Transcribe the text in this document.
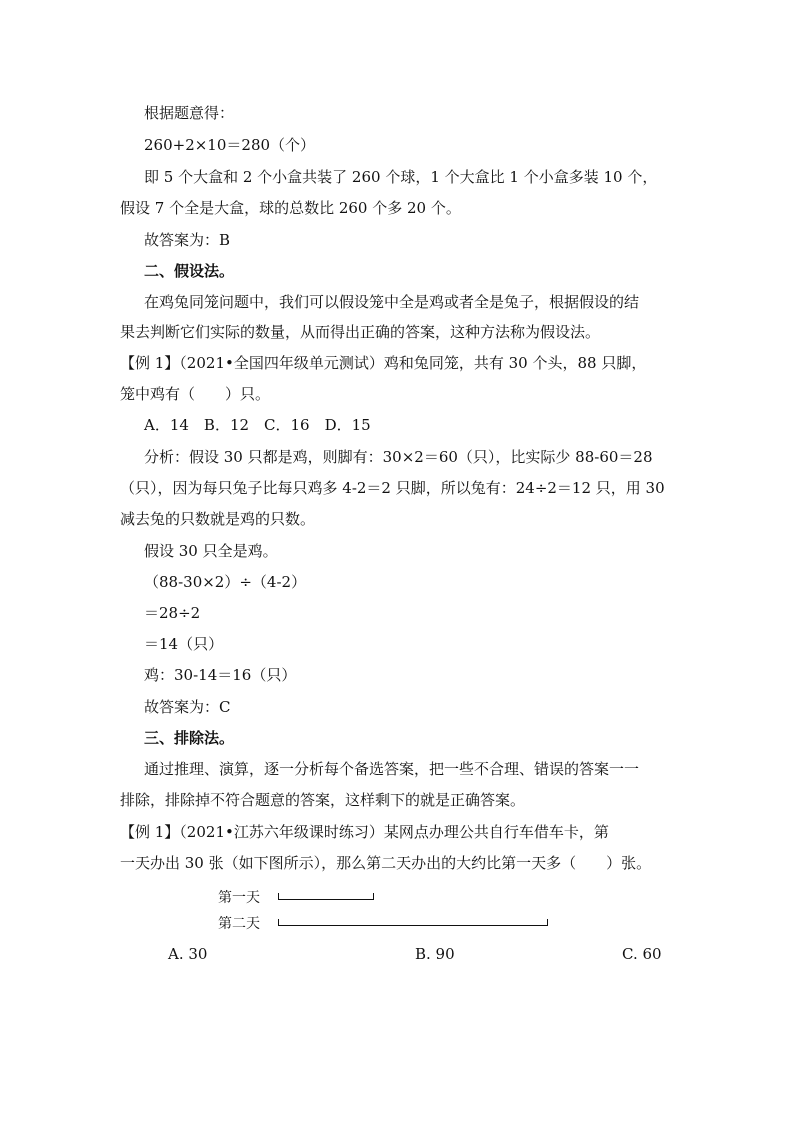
根据题意得：
260+2×10＝280（个）
即 5 个大盒和 2 个小盒共装了 260 个球，1 个大盒比 1 个小盒多装 10 个，
假设 7 个全是大盒，球的总数比 260 个多 20 个。
故答案为：B
二、假设法。
在鸡兔同笼问题中，我们可以假设笼中全是鸡或者全是兔子，根据假设的结
果去判断它们实际的数量，从而得出正确的答案，这种方法称为假设法。
【例 1】（2021•全国四年级单元测试）鸡和兔同笼，共有 30 个头，88 只脚，
笼中鸡有（　　）只。
A．14　B．12　C．16　D．15
分析：假设 30 只都是鸡，则脚有：30×2＝60（只），比实际少 88-60＝28
（只），因为每只兔子比每只鸡多 4-2＝2 只脚，所以兔有：24÷2＝12 只，用 30
减去兔的只数就是鸡的只数。
假设 30 只全是鸡。
（88-30×2）÷（4-2）
＝28÷2
＝14（只）
鸡：30-14＝16（只）
故答案为：C
三、排除法。
通过推理、演算，逐一分析每个备选答案，把一些不合理、错误的答案一一
排除，排除掉不符合题意的答案，这样剩下的就是正确答案。
【例 1】（2021•江苏六年级课时练习）某网点办理公共自行车借车卡，第
一天办出 30 张（如下图所示），那么第二天办出的大约比第一天多（　　）张。
第一天
第二天
A. 30	B. 90	C. 60
